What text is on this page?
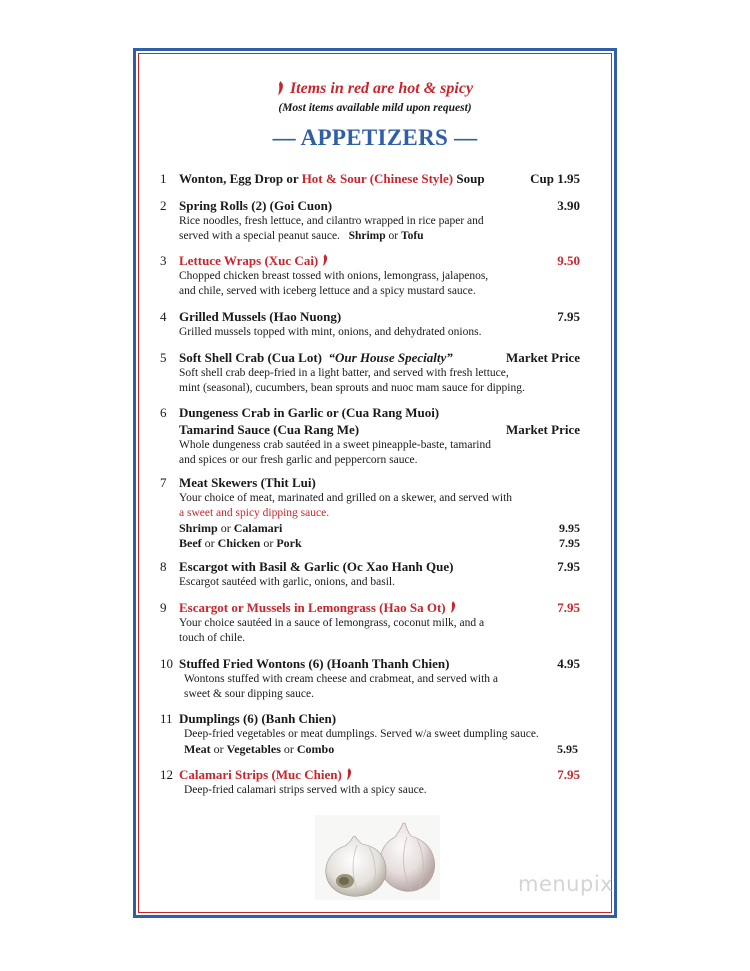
Items in red are hot & spicy
(Most items available mild upon request)
— APPETIZERS —
1 Wonton, Egg Drop or Hot & Sour (Chinese Style) Soup	Cup 1.95
2 Spring Rolls (2) (Goi Cuon)	3.90
Rice noodles, fresh lettuce, and cilantro wrapped in rice paper and
served with a special peanut sauce. Shrimp or Tofu
3 Lettuce Wraps (Xuc Cai)	9.50
Chopped chicken breast tossed with onions, lemongrass, jalapenos,
and chile, served with iceberg lettuce and a spicy mustard sauce.
4 Grilled Mussels (Hao Nuong)	7.95
Grilled mussels topped with mint, onions, and dehydrated onions.
5 Soft Shell Crab (Cua Lot) “Our House Specialty”	Market Price
Soft shell crab deep-fried in a light batter, and served with fresh lettuce,
mint (seasonal), cucumbers, bean sprouts and nuoc mam sauce for dipping.
6 Dungeness Crab in Garlic or (Cua Rang Muoi)
Tamarind Sauce (Cua Rang Me)	Market Price
Whole dungeness crab sautéed in a sweet pineapple-baste, tamarind
and spices or our fresh garlic and peppercorn sauce.
7 Meat Skewers (Thit Lui)
Your choice of meat, marinated and grilled on a skewer, and served with
a sweet and spicy dipping sauce.
Shrimp or Calamari	9.95
Beef or Chicken or Pork	7.95
8 Escargot with Basil & Garlic (Oc Xao Hanh Que)	7.95
Escargot sautéed with garlic, onions, and basil.
9 Escargot or Mussels in Lemongrass (Hao Sa Ot)	7.95
Your choice sautéed in a sauce of lemongrass, coconut milk, and a
touch of chile.
10 Stuffed Fried Wontons (6) (Hoanh Thanh Chien)	4.95
Wontons stuffed with cream cheese and crabmeat, and served with a
sweet & sour dipping sauce.
11 Dumplings (6) (Banh Chien)
Deep-fried vegetables or meat dumplings. Served w/a sweet dumpling sauce.
Meat or Vegetables or Combo	5.95
12 Calamari Strips (Muc Chien)	7.95
Deep-fried calamari strips served with a spicy sauce.
menupix
